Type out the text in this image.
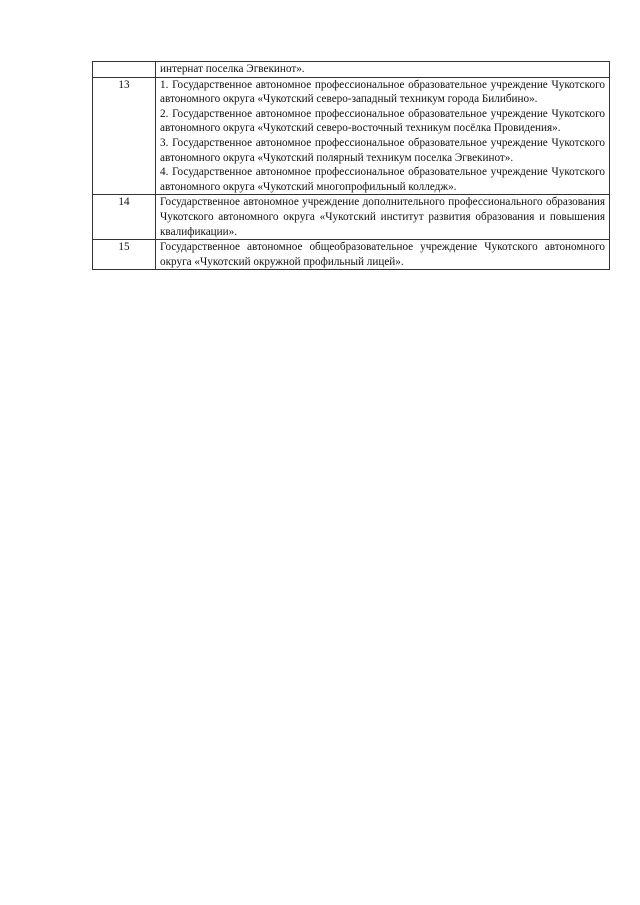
	интернат поселка Эгвекинот».

13	1. Государственное автономное профессиональное образовательное учреждение Чукотского автономного округа «Чукотский северо-западный техникум города Билибино».
2. Государственное автономное профессиональное образовательное учреждение Чукотского автономного округа «Чукотский северо-восточный техникум посёлка Провидения».
3. Государственное автономное профессиональное образовательное учреждение Чукотского автономного округа «Чукотский полярный техникум поселка Эгвекинот».
4. Государственное автономное профессиональное образовательное учреждение Чукотского автономного округа «Чукотский многопрофильный колледж».

14	Государственное автономное учреждение дополнительного профессионального образования Чукотского автономного округа «Чукотский институт развития образования и повышения квалификации».

15	Государственное автономное общеобразовательное учреждение Чукотского автономного округа «Чукотский окружной профильный лицей».
